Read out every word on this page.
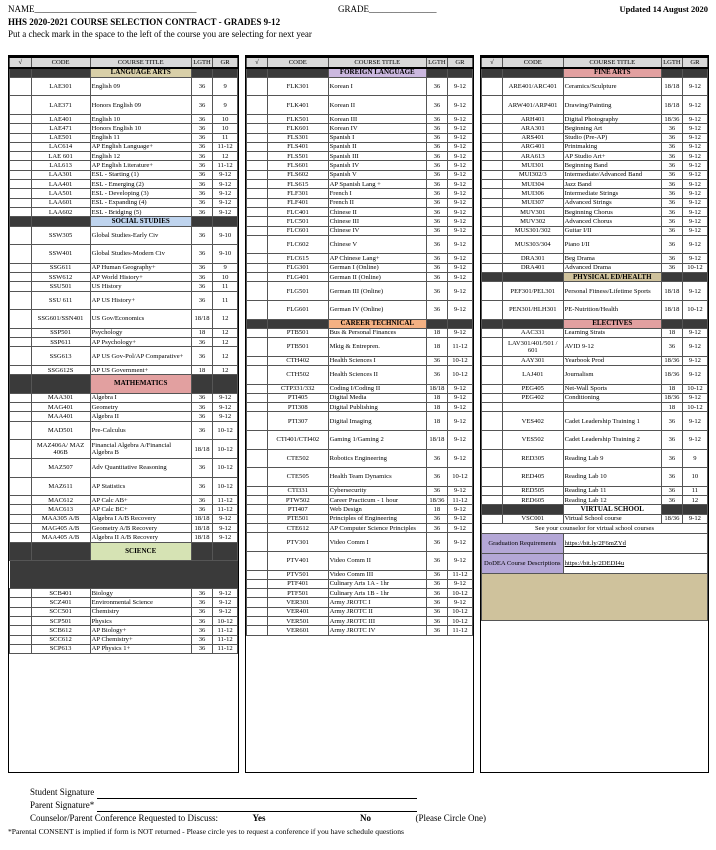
NAME____________________________________	GRADE_______________	Updated 14 August 2020
HHS 2020-2021 COURSE SELECTION CONTRACT - GRADES 9-12
Put a check mark in the space to the left of the course you are selecting for next year
√	CODE	COURSE TITLE	LGTH	GR
		LANGUAGE ARTS		
	LAE301	English 09	36	9
	LAE371	Honors English 09	36	9
	LAE401	English 10	36	10
	LAE471	Honors English 10	36	10
	LAE501	English 11	36	11
	LAC614	AP English Language+	36	11-12
	LAE 601	English 12	36	12
	LAL613	AP English Literature+	36	11-12
	LAA301	ESL - Starting (1)	36	9-12
	LAA401	ESL - Emerging (2)	36	9-12
	LAA501	ESL - Developing (3)	36	9-12
	LAA601	ESL - Expanding (4)	36	9-12
	LAA602	ESL - Bridging (5)	36	9-12
		SOCIAL STUDIES		
	SSW305	Global Studies-Early Civ	36	9-10
	SSW401	Global Studies-Modern Civ	36	9-10
	SSG611	AP Human Geography+	36	9
	SSW612	AP World History+	36	10
	SSU501	US History	36	11
	SSU 611	AP US History+	36	11
	SSG601/SSN401	US Gov/Economics	18/18	12
	SSP501	Psychology	18	12
	SSP611	AP Psychology+	36	12
	SSG613	AP US Gov-Pol/AP Comparative+	36	12
	SSG612S	AP US Government+	18	12
		MATHEMATICS		
	MAA301	Algebra I	36	9-12
	MAG401	Geometry	36	9-12
	MAA401	Algebra II	36	9-12
	MAD501	Pre-Calculus	36	10-12
	MAZ406A/ MAZ 406B	Financial Algebra A/Financial Algebra B	18/18	10-12
	MAZ507	Adv Quantitative Reasoning	36	10-12
	MAZ611	AP Statistics	36	10-12
	MAC612	AP Calc AB+	36	11-12
	MAC613	AP Calc BC+	36	11-12
	MAA305 A/B	Algebra I A/B Recovery	18/18	9-12
	MAG405 A/B	Geometry A/B Recovery	18/18	9-12
	MAA405 A/B	Algebra II A/B Recovery	18/18	9-12
		SCIENCE		

	SCB401	Biology	36	9-12
	SCZ401	Environmental Science	36	9-12
	SCC501	Chemistry	36	9-12
	SCP501	Physics	36	10-12
	SCB612	AP Biology+	36	11-12
	SCC612	AP Chemistry+	36	11-12
	SCP613	AP Physics 1+	36	11-12
√	CODE	COURSE TITLE	LGTH	GR
		FOREIGN LANGUAGE		
	FLK301	Korean I	36	9-12
	FLK401	Korean II	36	9-12
	FLK501	Korean III	36	9-12
	FLK601	Korean IV	36	9-12
	FLS301	Spanish I	36	9-12
	FLS401	Spanish II	36	9-12
	FLS501	Spanish III	36	9-12
	FLS601	Spanish IV	36	9-12
	FLS602	Spanish V	36	9-12
	FLS615	AP Spanish Lang +	36	9-12
	FLF301	French I	36	9-12
	FLF401	French II	36	9-12
	FLC401	Chinese II	36	9-12
	FLC501	Chinese III	36	9-12
	FLC601	Chinese IV	36	9-12
	FLC602	Chinese V	36	9-12
	FLC615	AP Chinese Lang+	36	9-12
	FLG301	German I (Online)	36	9-12
	FLG401	German II (Online)	36	9-12
	FLG501	German III (Online)	36	9-12
	FLG601	German IV (Online)	36	9-12
		CAREER TECHNICAL		
	PTB501	Bus & Personal Finances	18	9-12
	PTB501	Mktg & Entrepren.	18	11-12
	CTH402	Health Sciences I	36	10-12
	CTH502	Health Sciences II	36	10-12
	CTP331/332	Coding I/Coding II	18/18	9-12
	PTI405	Digital Media	18	9-12
	PTI308	Digital Publishing	18	9-12
	PTI307	Digital Imaging	18	9-12
	CTI401/CTI402	Gaming 1/Gaming 2	18/18	9-12
	CTE502	Robotics Engineering	36	9-12
	CTE505	Health Team Dynamics	36	10-12
	CTI331	Cybersecurity	36	9-12
	PTW502	Career Practicum - 1 hour	18/36	11-12
	PTI407	Web Design	18	9-12
	PTE501	Principles of Engineering	36	9-12
	CTE612	AP Computer Science Principles	36	9-12
	PTV301	Video Comm I	36	9-12
	PTV401	Video Comm II	36	9-12
	PTV501	Video Comm III	36	11-12
	PTF401	Culinary Arts 1A - 1hr	36	9-12
	PTF501	Culinary Arts 1B - 1hr	36	10-12
	VER301	Army JROTC I	36	9-12
	VER401	Army JROTC II	36	10-12
	VER501	Army JROTC III	36	10-12
	VER601	Army JROTC IV	36	11-12
√	CODE	COURSE TITLE	LGTH	GR
		FINE ARTS		
	ARE401/ARC401	Ceramics/Sculpture	18/18	9-12
	ARW401/ARP401	Drawing/Painting	18/18	9-12
	ARH401	Digital Photography	18/36	9-12
	ARA301	Beginning Art	36	9-12
	ARS401	Studio (Pre-AP)	36	9-12
	ARG401	Printmaking	36	9-12
	ARA613	AP Studio Art+	36	9-12
	MUI301	Beginning Band	36	9-12
	MUI302/3	Intermediate/Advanced Band	36	9-12
	MUI304	Jazz Band	36	9-12
	MUI306	Intermediate Strings	36	9-12
	MUI307	Advanced Strings	36	9-12
	MUV301	Beginning Chorus	36	9-12
	MUV302	Advanced Chorus	36	9-12
	MUS301/302	Guitar I/II	36	9-12
	MUS303/304	Piano I/II	36	9-12
	DRA301	Beg Drama	36	9-12
	DRA401	Advanced Drama	36	10-12
		PHYSICAL ED/HEALTH		
	PEF301/PEL301	Personal Fitness/Lifetime Sports	18/18	9-12
	PEN301/HLH301	PE-Nutrition/Health	18/18	10-12
		ELECTIVES		
	AAC331	Learning Strats	18	9-12
	LAV301/401/501 / 601	AVID 9-12	36	9-12
	AAY301	Yearbook Prod	18/36	9-12
	LAJ401	Journalism	18/36	9-12
	PEG405	Net-Wall Sports	18	10-12
	PEG402	Conditioning	18/36	9-12
			18	10-12
	VES402	Cadet Leadership Training 1	36	9-12
	VES502	Cadet Leadership Training 2	36	9-12
	RED305	Reading Lab 9	36	9
	RED405	Reading Lab 10	36	10
	RED505	Reading Lab 11	36	11
	RED605	Reading Lab 12	36	12
		VIRTUAL SCHOOL		
	VSC001	Virtual School course	18/36	9-12
See your counselor for virtual school courses				
Graduation Requirements		https://bit.ly/2F6mZYd		
DoDEA Course Descriptions		https://bit.ly/2DEDI4u		

Student Signature
Parent Signature*
Counselor/Parent Conference Requested to Discuss:	Yes	No	(Please Circle One)
*Parental CONSENT is implied if form is NOT returned - Please circle yes to request a conference if you have schedule questions
